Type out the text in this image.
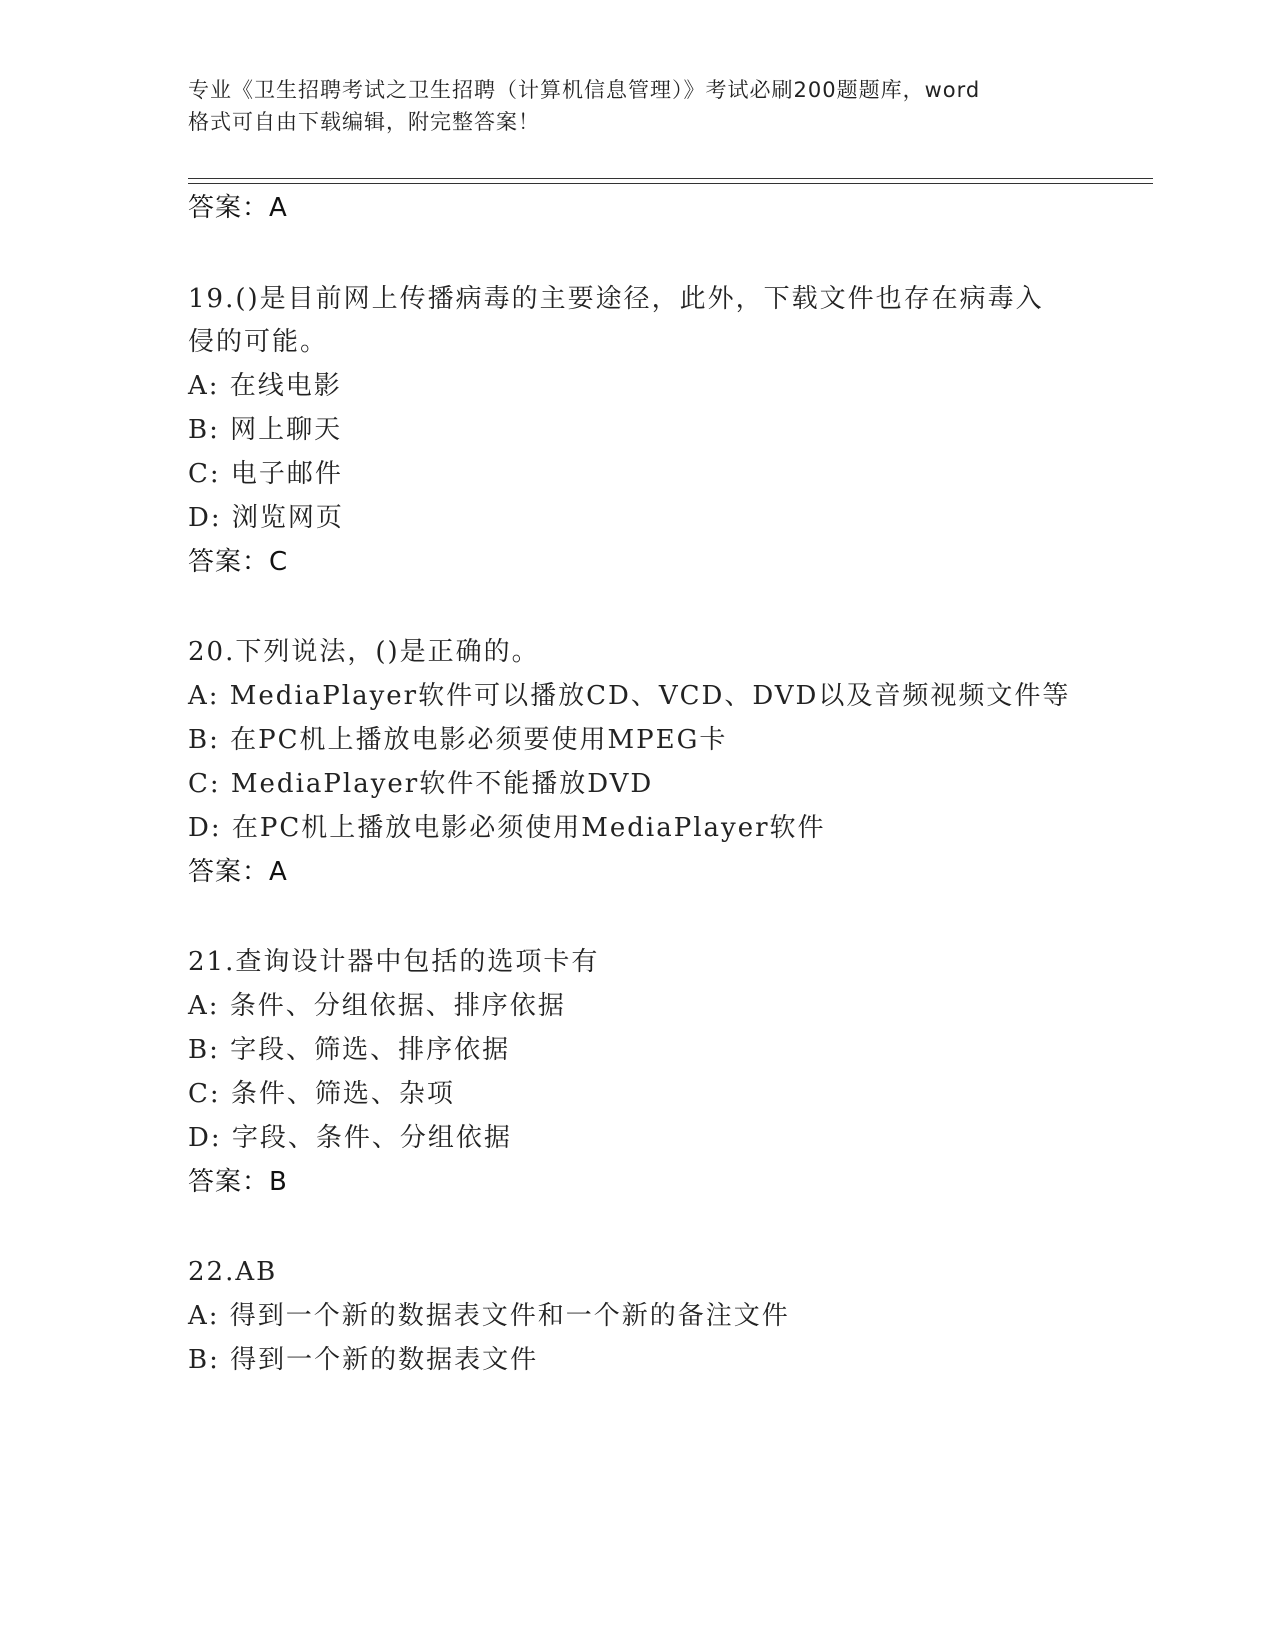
专业《卫生招聘考试之卫生招聘（计算机信息管理）》考试必刷200题题库，word
格式可自由下载编辑，附完整答案！
答案：A
19.()是目前网上传播病毒的主要途径，此外，下载文件也存在病毒入
侵的可能。
A: 在线电影
B: 网上聊天
C: 电子邮件
D: 浏览网页
答案：C
20.下列说法，()是正确的。
A: MediaPlayer软件可以播放CD、VCD、DVD以及音频视频文件等
B: 在PC机上播放电影必须要使用MPEG卡
C: MediaPlayer软件不能播放DVD
D: 在PC机上播放电影必须使用MediaPlayer软件
答案：A
21.查询设计器中包括的选项卡有
A: 条件、分组依据、排序依据
B: 字段、筛选、排序依据
C: 条件、筛选、杂项
D: 字段、条件、分组依据
答案：B
22.AB
A: 得到一个新的数据表文件和一个新的备注文件
B: 得到一个新的数据表文件
